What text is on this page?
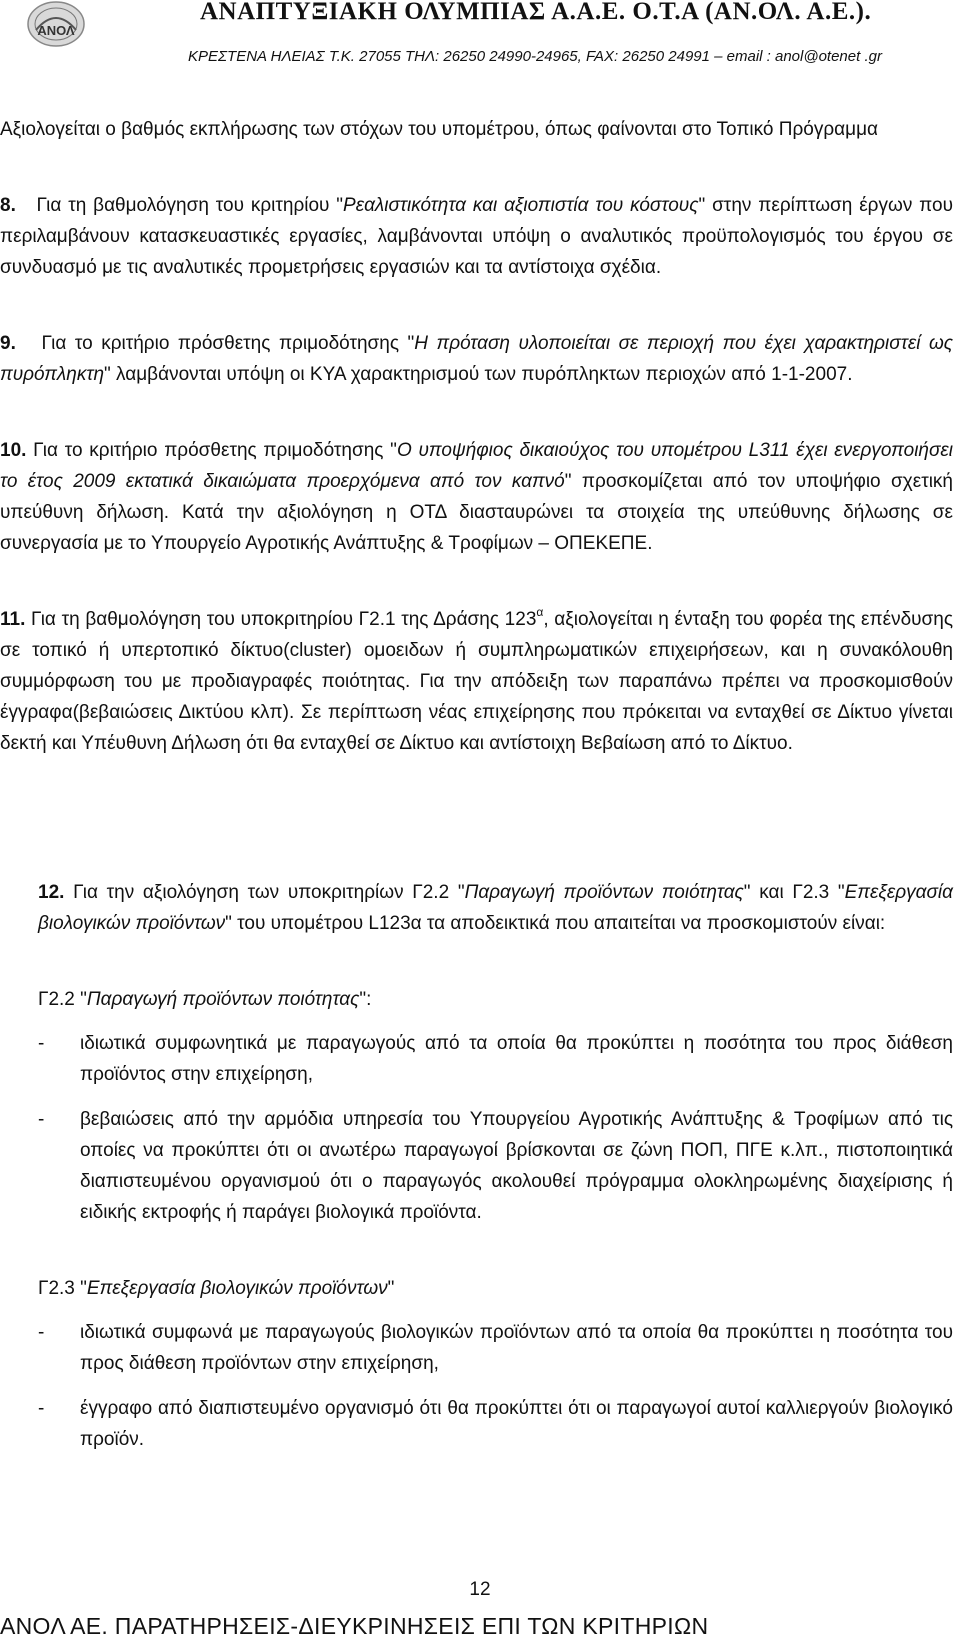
ΑΝΟΛ
ΑΝΑΠΤΥΞΙΑΚΗ ΟΛΥΜΠΙΑΣ Α.Α.Ε. Ο.Τ.Α (ΑΝ.ΟΛ. Α.Ε.).
ΚΡΕΣΤΕΝΑ ΗΛΕΙΑΣ Τ.Κ. 27055 ΤΗΛ: 26250 24990-24965, FAX: 26250 24991 – email : anol@otenet .gr

Αξιολογείται ο βαθμός εκπλήρωσης των στόχων του υπομέτρου, όπως φαίνονται στο Τοπικό Πρόγραμμα

8. Για τη βαθμολόγηση του κριτηρίου "Ρεαλιστικότητα και αξιοπιστία του κόστους" στην περίπτωση έργων που περιλαμβάνουν κατασκευαστικές εργασίες, λαμβάνονται υπόψη ο αναλυτικός προϋπολογισμός του έργου σε συνδυασμό με τις αναλυτικές προμετρήσεις εργασιών και τα αντίστοιχα σχέδια.

9. Για το κριτήριο πρόσθετης πριμοδότησης "Η πρόταση υλοποιείται σε περιοχή που έχει χαρακτηριστεί ως πυρόπληκτη" λαμβάνονται υπόψη οι ΚΥΑ χαρακτηρισμού των πυρόπληκτων περιοχών από 1-1-2007.

10. Για το κριτήριο πρόσθετης πριμοδότησης "Ο υποψήφιος δικαιούχος του υπομέτρου L311 έχει ενεργοποιήσει το έτος 2009 εκτατικά δικαιώματα προερχόμενα από τον καπνό" προσκομίζεται από τον υποψήφιο σχετική υπεύθυνη δήλωση. Κατά την αξιολόγηση η ΟΤΔ διασταυρώνει τα στοιχεία της υπεύθυνης δήλωσης σε συνεργασία με το Υπουργείο Αγροτικής Ανάπτυξης & Τροφίμων – ΟΠΕΚΕΠΕ.

11. Για τη βαθμολόγηση του υποκριτηρίου Γ2.1 της Δράσης $123^\alpha$, αξιολογείται η ένταξη του φορέα της επένδυσης σε τοπικό ή υπερτοπικό δίκτυο(cluster) ομοειδων ή συμπληρωματικών επιχειρήσεων, και η συνακόλουθη συμμόρφωση του με προδιαγραφές ποιότητας. Για την απόδειξη των παραπάνω πρέπει να προσκομισθούν έγγραφα(βεβαιώσεις Δικτύου κλπ). Σε περίπτωση νέας επιχείρησης που πρόκειται να ενταχθεί σε Δίκτυο γίνεται δεκτή και Υπέυθυνη Δήλωση ότι θα ενταχθεί σε Δίκτυο και αντίστοιχη Βεβαίωση από το Δίκτυο.

12. Για την αξιολόγηση των υποκριτηρίων Γ2.2 "Παραγωγή προϊόντων ποιότητας" και Γ2.3 "Επεξεργασία βιολογικών προϊόντων" του υπομέτρου L123α τα αποδεικτικά που απαιτείται να προσκομιστούν είναι:

Γ2.2 "Παραγωγή προϊόντων ποιότητας":

- ιδιωτικά συμφωνητικά με παραγωγούς από τα οποία θα προκύπτει η ποσότητα του προς διάθεση προϊόντος στην επιχείρηση,
- βεβαιώσεις από την αρμόδια υπηρεσία του Υπουργείου Αγροτικής Ανάπτυξης & Τροφίμων από τις οποίες να προκύπτει ότι οι ανωτέρω παραγωγοί βρίσκονται σε ζώνη ΠΟΠ, ΠΓΕ κ.λπ., πιστοποιητικά διαπιστευμένου οργανισμού ότι ο παραγωγός ακολουθεί πρόγραμμα ολοκληρωμένης διαχείρισης ή ειδικής εκτροφής ή παράγει βιολογικά προϊόντα.

Γ2.3 "Επεξεργασία βιολογικών προϊόντων"

- ιδιωτικά συμφωνά με παραγωγούς βιολογικών προϊόντων από τα οποία θα προκύπτει η ποσότητα του προς διάθεση προϊόντων στην επιχείρηση,
- έγγραφο από διαπιστευμένο οργανισμό ότι θα προκύπτει ότι οι παραγωγοί αυτοί καλλιεργούν βιολογικό προϊόν.
12
ΑΝΟΛ ΑΕ. ΠΑΡΑΤΗΡΗΣΕΙΣ-ΔΙΕΥΚΡΙΝΗΣΕΙΣ ΕΠΙ ΤΩΝ ΚΡΙΤΗΡΙΩΝ
